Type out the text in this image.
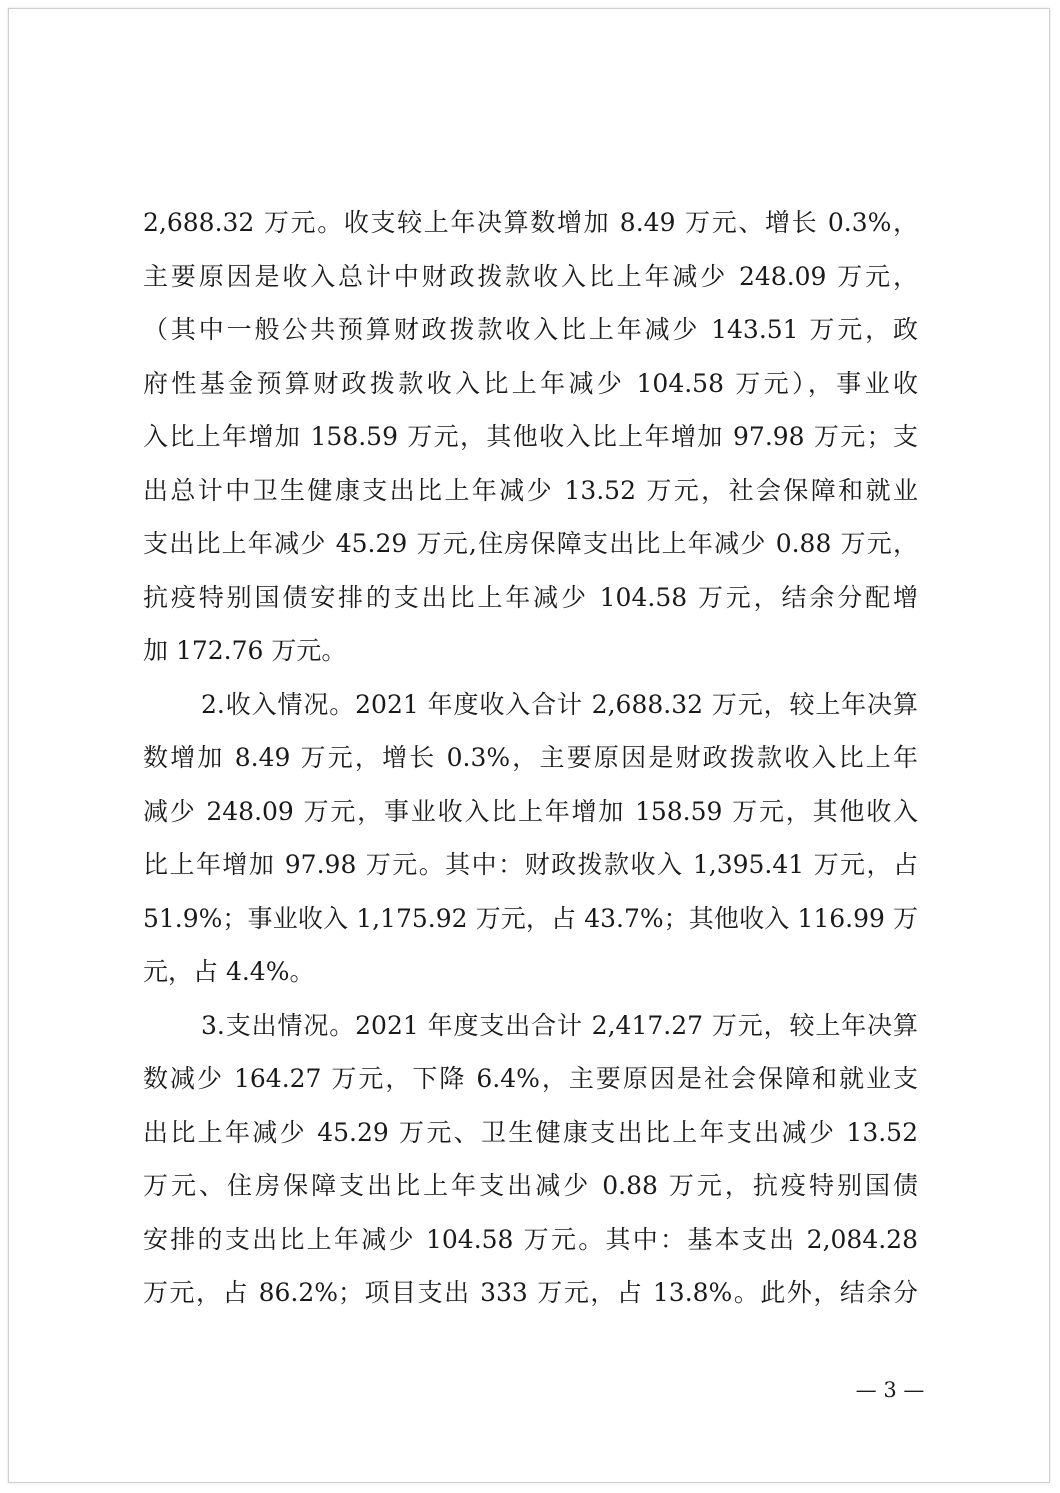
2,688.32 万元。收支较上年决算数增加 8.49 万元、增长 0.3%，
主要原因是收入总计中财政拨款收入比上年减少 248.09 万元，
（其中一般公共预算财政拨款收入比上年减少 143.51 万元，政
府性基金预算财政拨款收入比上年减少 104.58 万元），事业收
入比上年增加 158.59 万元，其他收入比上年增加 97.98 万元；支
出总计中卫生健康支出比上年减少 13.52 万元，社会保障和就业
支出比上年减少 45.29 万元,住房保障支出比上年减少 0.88 万元，
抗疫特别国债安排的支出比上年减少 104.58 万元，结余分配增
加 172.76 万元。
2.收入情况。2021 年度收入合计 2,688.32 万元，较上年决算
数增加 8.49 万元，增长 0.3%，主要原因是财政拨款收入比上年
减少 248.09 万元，事业收入比上年增加 158.59 万元，其他收入
比上年增加 97.98 万元。其中：财政拨款收入 1,395.41 万元，占
51.9%；事业收入 1,175.92 万元，占 43.7%；其他收入 116.99 万
元，占 4.4%。
3.支出情况。2021 年度支出合计 2,417.27 万元，较上年决算
数减少 164.27 万元，下降 6.4%，主要原因是社会保障和就业支
出比上年减少 45.29 万元、卫生健康支出比上年支出减少 13.52
万元、住房保障支出比上年支出减少 0.88 万元，抗疫特别国债
安排的支出比上年减少 104.58 万元。其中：基本支出 2,084.28
万元，占 86.2%；项目支出 333 万元，占 13.8%。此外，结余分
— 3 —
